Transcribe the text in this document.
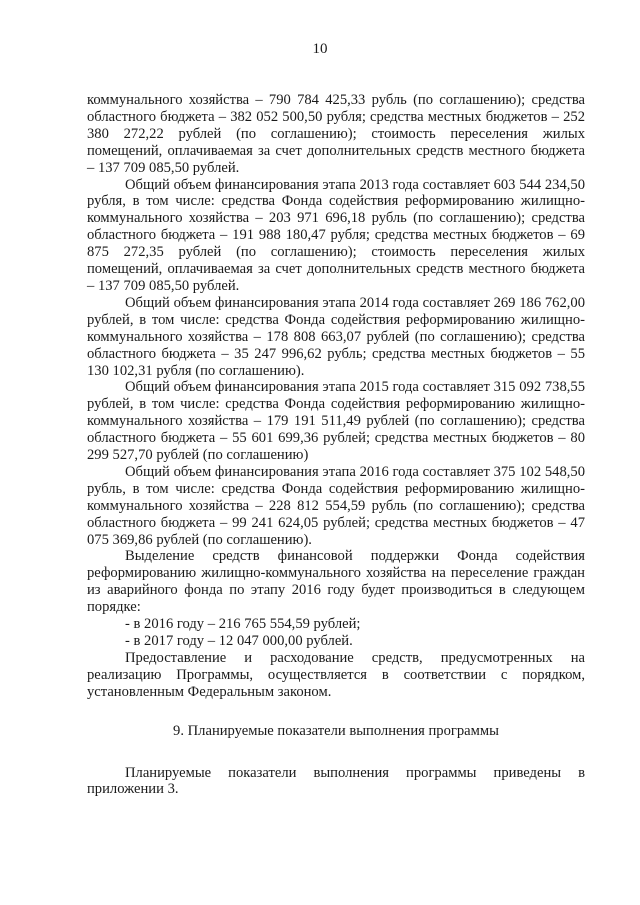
10

коммунального хозяйства – 790 784 425,33 рубль (по соглашению); средства областного бюджета – 382 052 500,50 рубля; средства местных бюджетов – 252 380 272,22 рублей (по соглашению); стоимость переселения жилых помещений, оплачиваемая за счет дополнительных средств местного бюджета – 137 709 085,50 рублей.

Общий объем финансирования этапа 2013 года составляет 603 544 234,50 рубля, в том числе: средства Фонда содействия реформированию жилищно-коммунального хозяйства – 203 971 696,18 рубль (по соглашению); средства областного бюджета – 191 988 180,47 рубля; средства местных бюджетов – 69 875 272,35 рублей (по соглашению); стоимость переселения жилых помещений, оплачиваемая за счет дополнительных средств местного бюджета – 137 709 085,50 рублей.

Общий объем финансирования этапа 2014 года составляет 269 186 762,00 рублей, в том числе: средства Фонда содействия реформированию жилищно-коммунального хозяйства – 178 808 663,07 рублей (по соглашению); средства областного бюджета – 35 247 996,62 рубль; средства местных бюджетов – 55 130 102,31 рубля (по соглашению).

Общий объем финансирования этапа 2015 года составляет 315 092 738,55 рублей, в том числе: средства Фонда содействия реформированию жилищно-коммунального хозяйства – 179 191 511,49 рублей (по соглашению); средства областного бюджета – 55 601 699,36 рублей; средства местных бюджетов – 80 299 527,70 рублей (по соглашению)

Общий объем финансирования этапа 2016 года составляет 375 102 548,50 рубль, в том числе: средства Фонда содействия реформированию жилищно-коммунального хозяйства – 228 812 554,59 рубль (по соглашению); средства областного бюджета – 99 241 624,05 рублей; средства местных бюджетов – 47 075 369,86 рублей (по соглашению).

Выделение средств финансовой поддержки Фонда содействия реформированию жилищно-коммунального хозяйства на переселение граждан из аварийного фонда по этапу 2016 году будет производиться в следующем порядке:

- в 2016 году – 216 765 554,59 рублей;

- в 2017 году – 12 047 000,00 рублей.

Предоставление и расходование средств, предусмотренных на реализацию Программы, осуществляется в соответствии с порядком, установленным Федеральным законом.

9. Планируемые показатели выполнения программы

Планируемые показатели выполнения программы приведены в приложении 3.
